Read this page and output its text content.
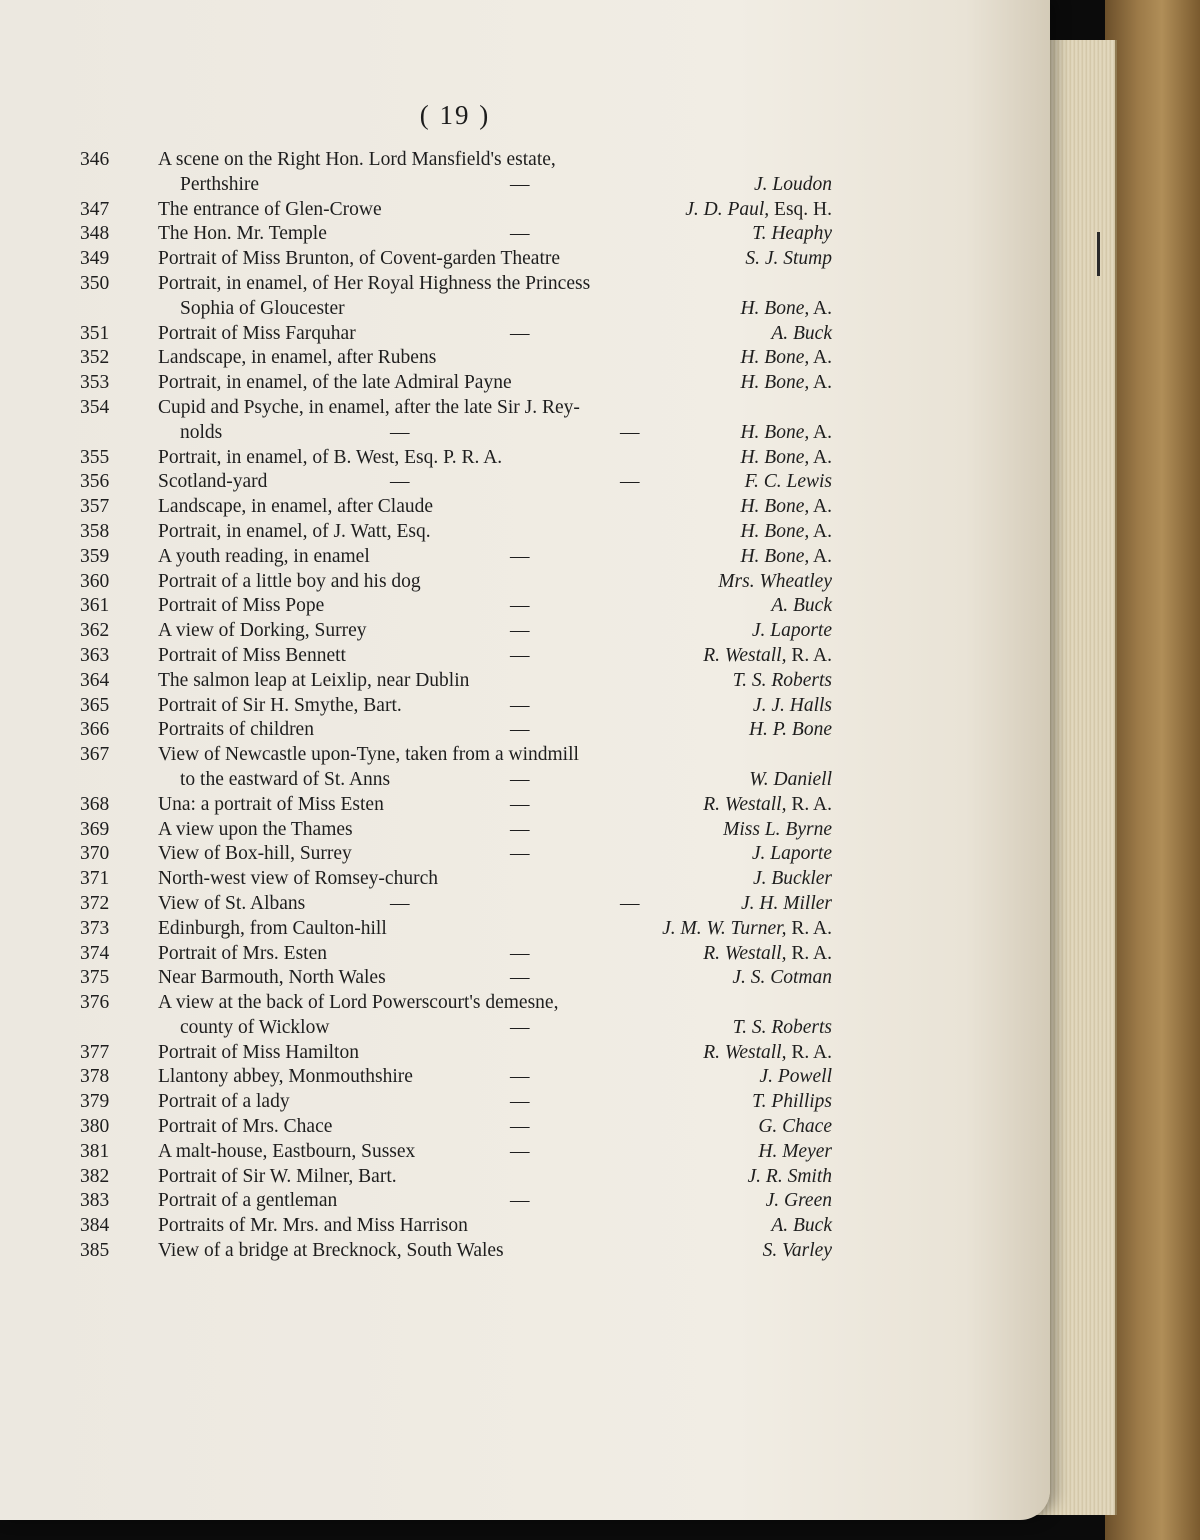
( 19 )
346	A scene on the Right Hon. Lord Mansfield's estate,
Perthshire	—	J. Loudon
347	The entrance of Glen-Crowe	J. D. Paul, Esq. H.
348	The Hon. Mr. Temple	—	T. Heaphy
349	Portrait of Miss Brunton, of Covent-garden Theatre	S. J. Stump
350	Portrait, in enamel, of Her Royal Highness the Princess
Sophia of Gloucester	H. Bone, A.
351	Portrait of Miss Farquhar	—	A. Buck
352	Landscape, in enamel, after Rubens	H. Bone, A.
353	Portrait, in enamel, of the late Admiral Payne	H. Bone, A.
354	Cupid and Psyche, in enamel, after the late Sir J. Rey-
nolds	—	—	H. Bone, A.
355	Portrait, in enamel, of B. West, Esq. P. R. A.	H. Bone, A.
356	Scotland-yard	—	—	F. C. Lewis
357	Landscape, in enamel, after Claude	H. Bone, A.
358	Portrait, in enamel, of J. Watt, Esq.	H. Bone, A.
359	A youth reading, in enamel	—	H. Bone, A.
360	Portrait of a little boy and his dog	Mrs. Wheatley
361	Portrait of Miss Pope	—	A. Buck
362	A view of Dorking, Surrey	—	J. Laporte
363	Portrait of Miss Bennett	—	R. Westall, R. A.
364	The salmon leap at Leixlip, near Dublin	T. S. Roberts
365	Portrait of Sir H. Smythe, Bart.	—	J. J. Halls
366	Portraits of children	—	H. P. Bone
367	View of Newcastle upon-Tyne, taken from a windmill
to the eastward of St. Anns	—	W. Daniell
368	Una: a portrait of Miss Esten	—	R. Westall, R. A.
369	A view upon the Thames	—	Miss L. Byrne
370	View of Box-hill, Surrey	—	J. Laporte
371	North-west view of Romsey-church	J. Buckler
372	View of St. Albans	—	—	J. H. Miller
373	Edinburgh, from Caulton-hill	J. M. W. Turner, R. A.
374	Portrait of Mrs. Esten	—	R. Westall, R. A.
375	Near Barmouth, North Wales	—	J. S. Cotman
376	A view at the back of Lord Powerscourt's demesne,
county of Wicklow	—	T. S. Roberts
377	Portrait of Miss Hamilton	R. Westall, R. A.
378	Llantony abbey, Monmouthshire	—	J. Powell
379	Portrait of a lady	—	T. Phillips
380	Portrait of Mrs. Chace	—	G. Chace
381	A malt-house, Eastbourn, Sussex	—	H. Meyer
382	Portrait of Sir W. Milner, Bart.	J. R. Smith
383	Portrait of a gentleman	—	J. Green
384	Portraits of Mr. Mrs. and Miss Harrison	A. Buck
385	View of a bridge at Brecknock, South Wales	S. Varley
